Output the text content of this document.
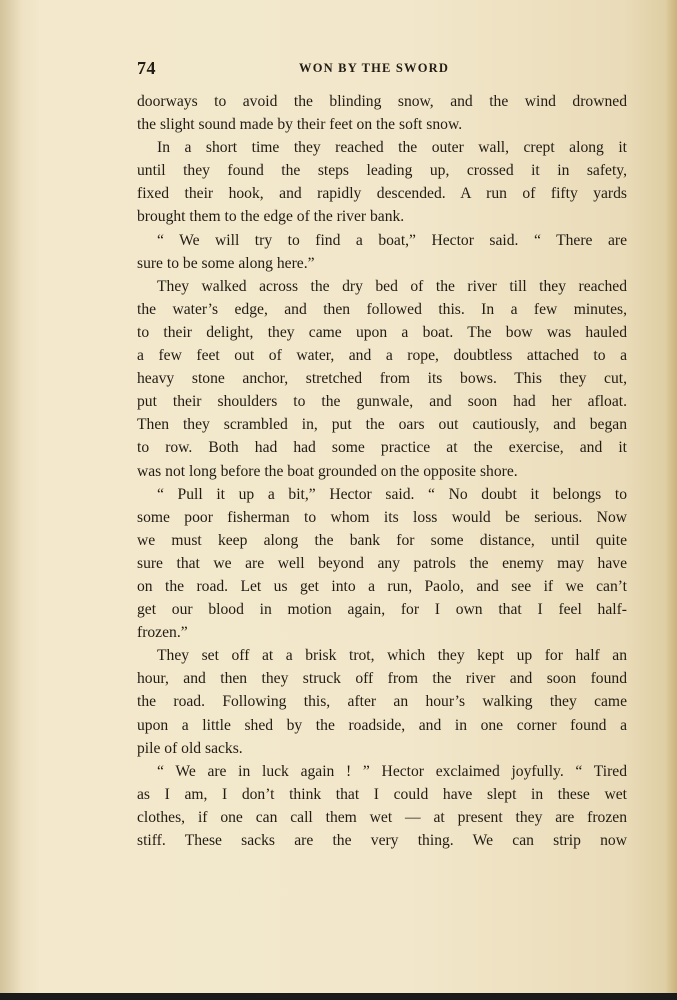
74	WON BY THE SWORD
doorways to avoid the blinding snow, and the wind drowned
the slight sound made by their feet on the soft snow.
In a short time they reached the outer wall, crept along it
until they found the steps leading up, crossed it in safety,
fixed their hook, and rapidly descended. A run of fifty yards
brought them to the edge of the river bank.
“ We will try to find a boat,” Hector said. “ There are
sure to be some along here.”
They walked across the dry bed of the river till they reached
the water’s edge, and then followed this. In a few minutes,
to their delight, they came upon a boat. The bow was hauled
a few feet out of water, and a rope, doubtless attached to a
heavy stone anchor, stretched from its bows. This they cut,
put their shoulders to the gunwale, and soon had her afloat.
Then they scrambled in, put the oars out cautiously, and began
to row. Both had had some practice at the exercise, and it
was not long before the boat grounded on the opposite shore.
“ Pull it up a bit,” Hector said. “ No doubt it belongs to
some poor fisherman to whom its loss would be serious. Now
we must keep along the bank for some distance, until quite
sure that we are well beyond any patrols the enemy may have
on the road. Let us get into a run, Paolo, and see if we can’t
get our blood in motion again, for I own that I feel half-
frozen.”
They set off at a brisk trot, which they kept up for half an
hour, and then they struck off from the river and soon found
the road. Following this, after an hour’s walking they came
upon a little shed by the roadside, and in one corner found a
pile of old sacks.
“ We are in luck again ! ” Hector exclaimed joyfully. “ Tired
as I am, I don’t think that I could have slept in these wet
clothes, if one can call them wet — at present they are frozen
stiff. These sacks are the very thing. We can strip now
